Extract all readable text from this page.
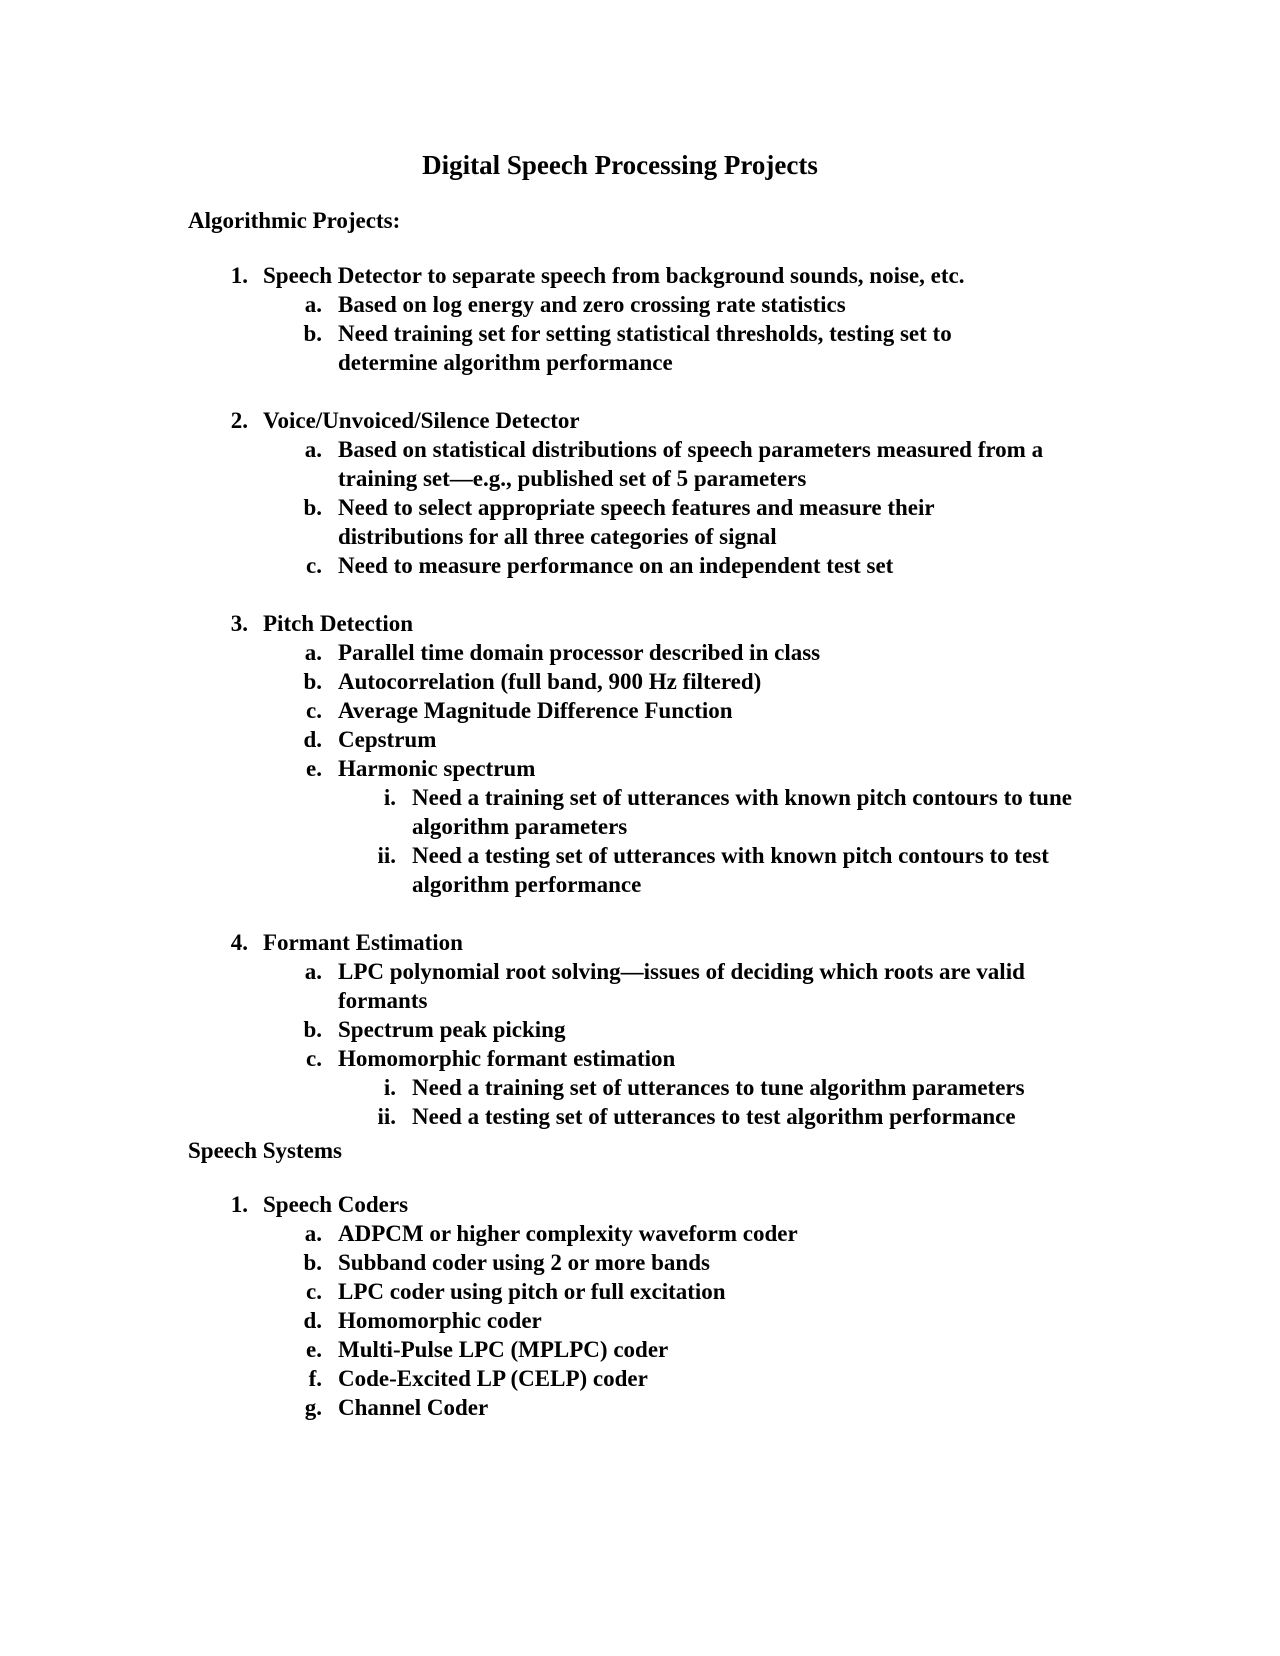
Digital Speech Processing Projects
Algorithmic Projects:
1. Speech Detector to separate speech from background sounds, noise, etc.
a. Based on log energy and zero crossing rate statistics
b. Need training set for setting statistical thresholds, testing set to determine algorithm performance
2. Voice/Unvoiced/Silence Detector
a. Based on statistical distributions of speech parameters measured from a training set—e.g., published set of 5 parameters
b. Need to select appropriate speech features and measure their distributions for all three categories of signal
c. Need to measure performance on an independent test set
3. Pitch Detection
a. Parallel time domain processor described in class
b. Autocorrelation (full band, 900 Hz filtered)
c. Average Magnitude Difference Function
d. Cepstrum
e. Harmonic spectrum
i. Need a training set of utterances with known pitch contours to tune algorithm parameters
ii. Need a testing set of utterances with known pitch contours to test algorithm performance
4. Formant Estimation
a. LPC polynomial root solving—issues of deciding which roots are valid formants
b. Spectrum peak picking
c. Homomorphic formant estimation
i. Need a training set of utterances to tune algorithm parameters
ii. Need a testing set of utterances to test algorithm performance
Speech Systems
1. Speech Coders
a. ADPCM or higher complexity waveform coder
b. Subband coder using 2 or more bands
c. LPC coder using pitch or full excitation
d. Homomorphic coder
e. Multi-Pulse LPC (MPLPC) coder
f. Code-Excited LP (CELP) coder
g. Channel Coder
